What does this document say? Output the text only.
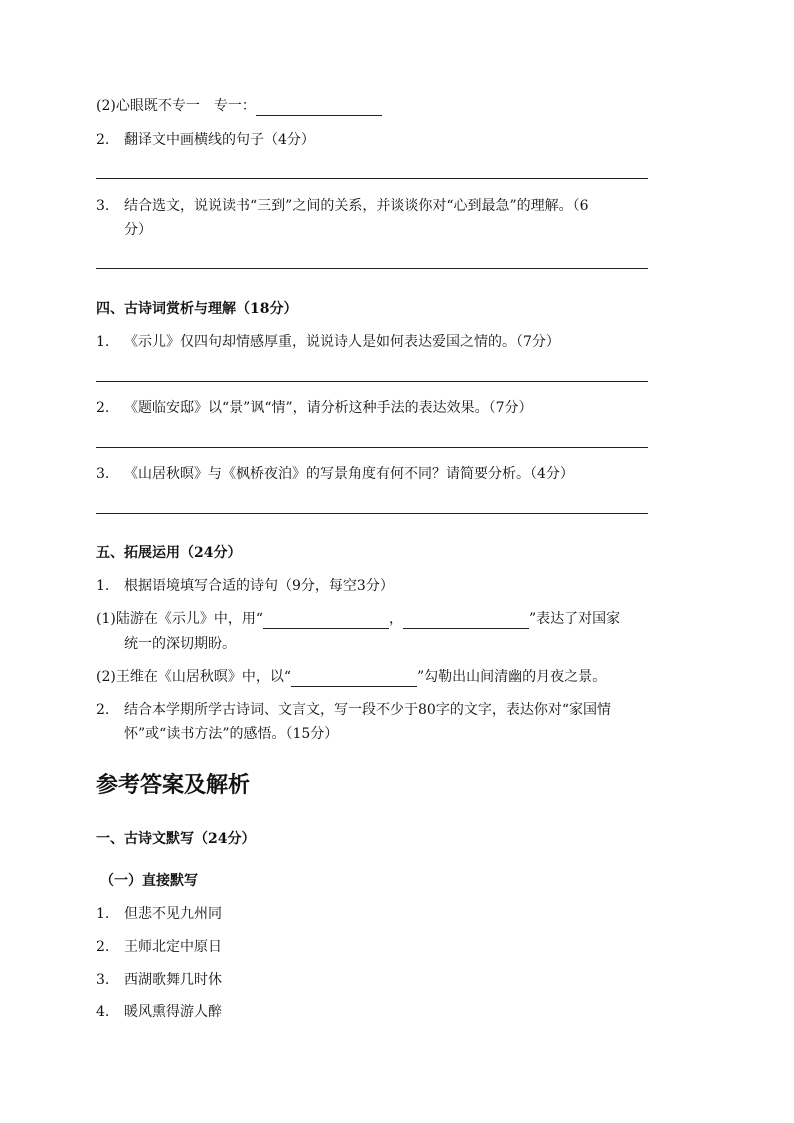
(2)心眼既不专一　专一：
2. 翻译文中画横线的句子（4分）
3. 结合选文，说说读书“三到”之间的关系，并谈谈你对“心到最急”的理解。（6
分）
四、古诗词赏析与理解（18分）
1. 《示儿》仅四句却情感厚重，说说诗人是如何表达爱国之情的。（7分）
2. 《题临安邸》以“景”讽“情”，请分析这种手法的表达效果。（7分）
3. 《山居秋暝》与《枫桥夜泊》的写景角度有何不同？请简要分析。（4分）
五、拓展运用（24分）
1. 根据语境填写合适的诗句（9分，每空3分）
(1)陆游在《示儿》中，用“	，	”表达了对国家
统一的深切期盼。
(2)王维在《山居秋暝》中，以“	”勾勒出山间清幽的月夜之景。
2. 结合本学期所学古诗词、文言文，写一段不少于80字的文字，表达你对“家国情
怀”或“读书方法”的感悟。（15分）
参考答案及解析
一、古诗文默写（24分）
（一）直接默写
1. 但悲不见九州同
2. 王师北定中原日
3. 西湖歌舞几时休
4. 暖风熏得游人醉
